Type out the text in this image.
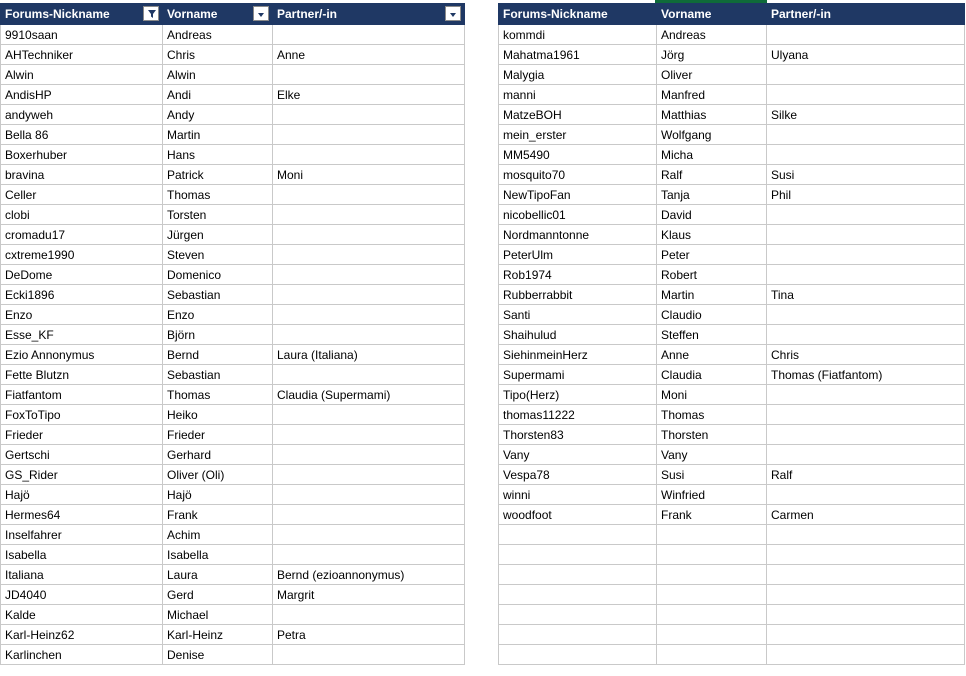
Forums-Nickname	Vorname	Partner/-in

9910saan	Andreas	
AHTechniker	Chris	Anne
Alwin	Alwin	
AndisHP	Andi	Elke
andyweh	Andy	
Bella 86	Martin	
Boxerhuber	Hans	
bravina	Patrick	Moni
Celler	Thomas	
clobi	Torsten	
cromadu17	Jürgen	
cxtreme1990	Steven	
DeDome	Domenico	
Ecki1896	Sebastian	
Enzo	Enzo	
Esse_KF	Björn	
Ezio Annonymus	Bernd	Laura (Italiana)
Fette Blutzn	Sebastian	
Fiatfantom	Thomas	Claudia (Supermami)
FoxToTipo	Heiko	
Frieder	Frieder	
Gertschi	Gerhard	
GS_Rider	Oliver (Oli)	
Hajö	Hajö	
Hermes64	Frank	
Inselfahrer	Achim	
Isabella	Isabella	
Italiana	Laura	Bernd (ezioannonymus)
JD4040	Gerd	Margrit
Kalde	Michael	
Karl-Heinz62	Karl-Heinz	Petra
Karlinchen	Denise	
Forums-Nickname	Vorname	Partner/-in
kommdi	Andreas	
Mahatma1961	Jörg	Ulyana
Malygia	Oliver	
manni	Manfred	
MatzeBOH	Matthias	Silke
mein_erster	Wolfgang	
MM5490	Micha	
mosquito70	Ralf	Susi
NewTipoFan	Tanja	Phil
nicobellic01	David	
Nordmanntonne	Klaus	
PeterUlm	Peter	
Rob1974	Robert	
Rubberrabbit	Martin	Tina
Santi	Claudio	
Shaihulud	Steffen	
SiehinmeinHerz	Anne	Chris
Supermami	Claudia	Thomas (Fiatfantom)
Tipo(Herz)	Moni	
thomas11222	Thomas	
Thorsten83	Thorsten	
Vany	Vany	
Vespa78	Susi	Ralf
winni	Winfried	
woodfoot	Frank	Carmen
